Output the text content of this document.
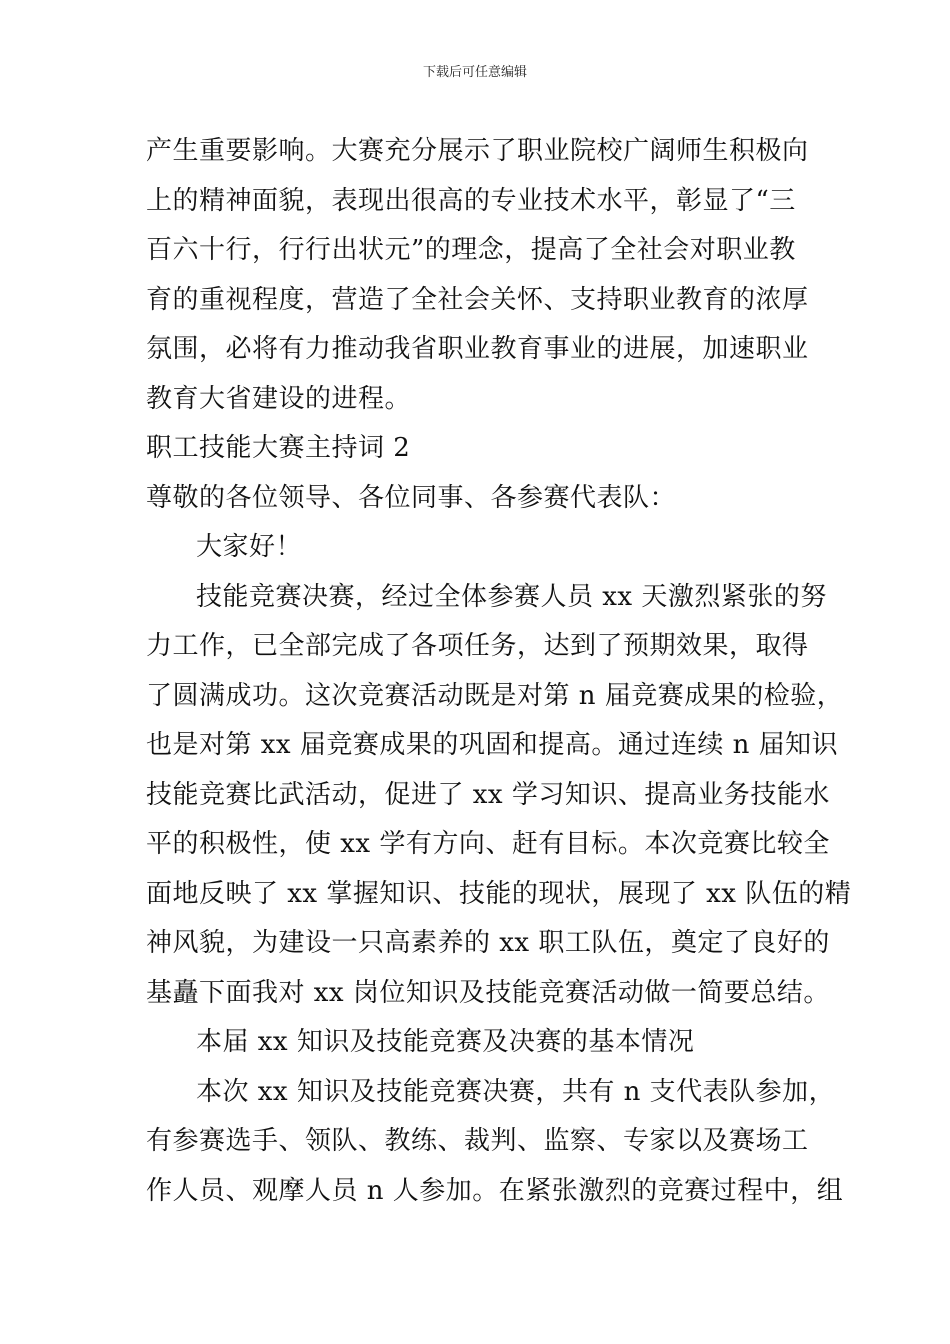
下载后可任意编辑
产生重要影响。大赛充分展示了职业院校广阔师生积极向
上的精神面貌，表现出很高的专业技术水平，彰显了“三
百六十行，行行出状元”的理念，提高了全社会对职业教
育的重视程度，营造了全社会关怀、支持职业教育的浓厚
氛围，必将有力推动我省职业教育事业的进展，加速职业
教育大省建设的进程。
职工技能大赛主持词 2
尊敬的各位领导、各位同事、各参赛代表队：
大家好！
技能竞赛决赛，经过全体参赛人员 xx 天激烈紧张的努
力工作，已全部完成了各项任务，达到了预期效果，取得
了圆满成功。这次竞赛活动既是对第 n 届竞赛成果的检验，
也是对第 xx 届竞赛成果的巩固和提高。通过连续 n 届知识
技能竞赛比武活动，促进了 xx 学习知识、提高业务技能水
平的积极性，使 xx 学有方向、赶有目标。本次竞赛比较全
面地反映了 xx 掌握知识、技能的现状，展现了 xx 队伍的精
神风貌，为建设一只高素养的 xx 职工队伍，奠定了良好的
基矗下面我对 xx 岗位知识及技能竞赛活动做一简要总结。
本届 xx 知识及技能竞赛及决赛的基本情况
本次 xx 知识及技能竞赛决赛，共有 n 支代表队参加，
有参赛选手、领队、教练、裁判、监察、专家以及赛场工
作人员、观摩人员 n 人参加。在紧张激烈的竞赛过程中，组
